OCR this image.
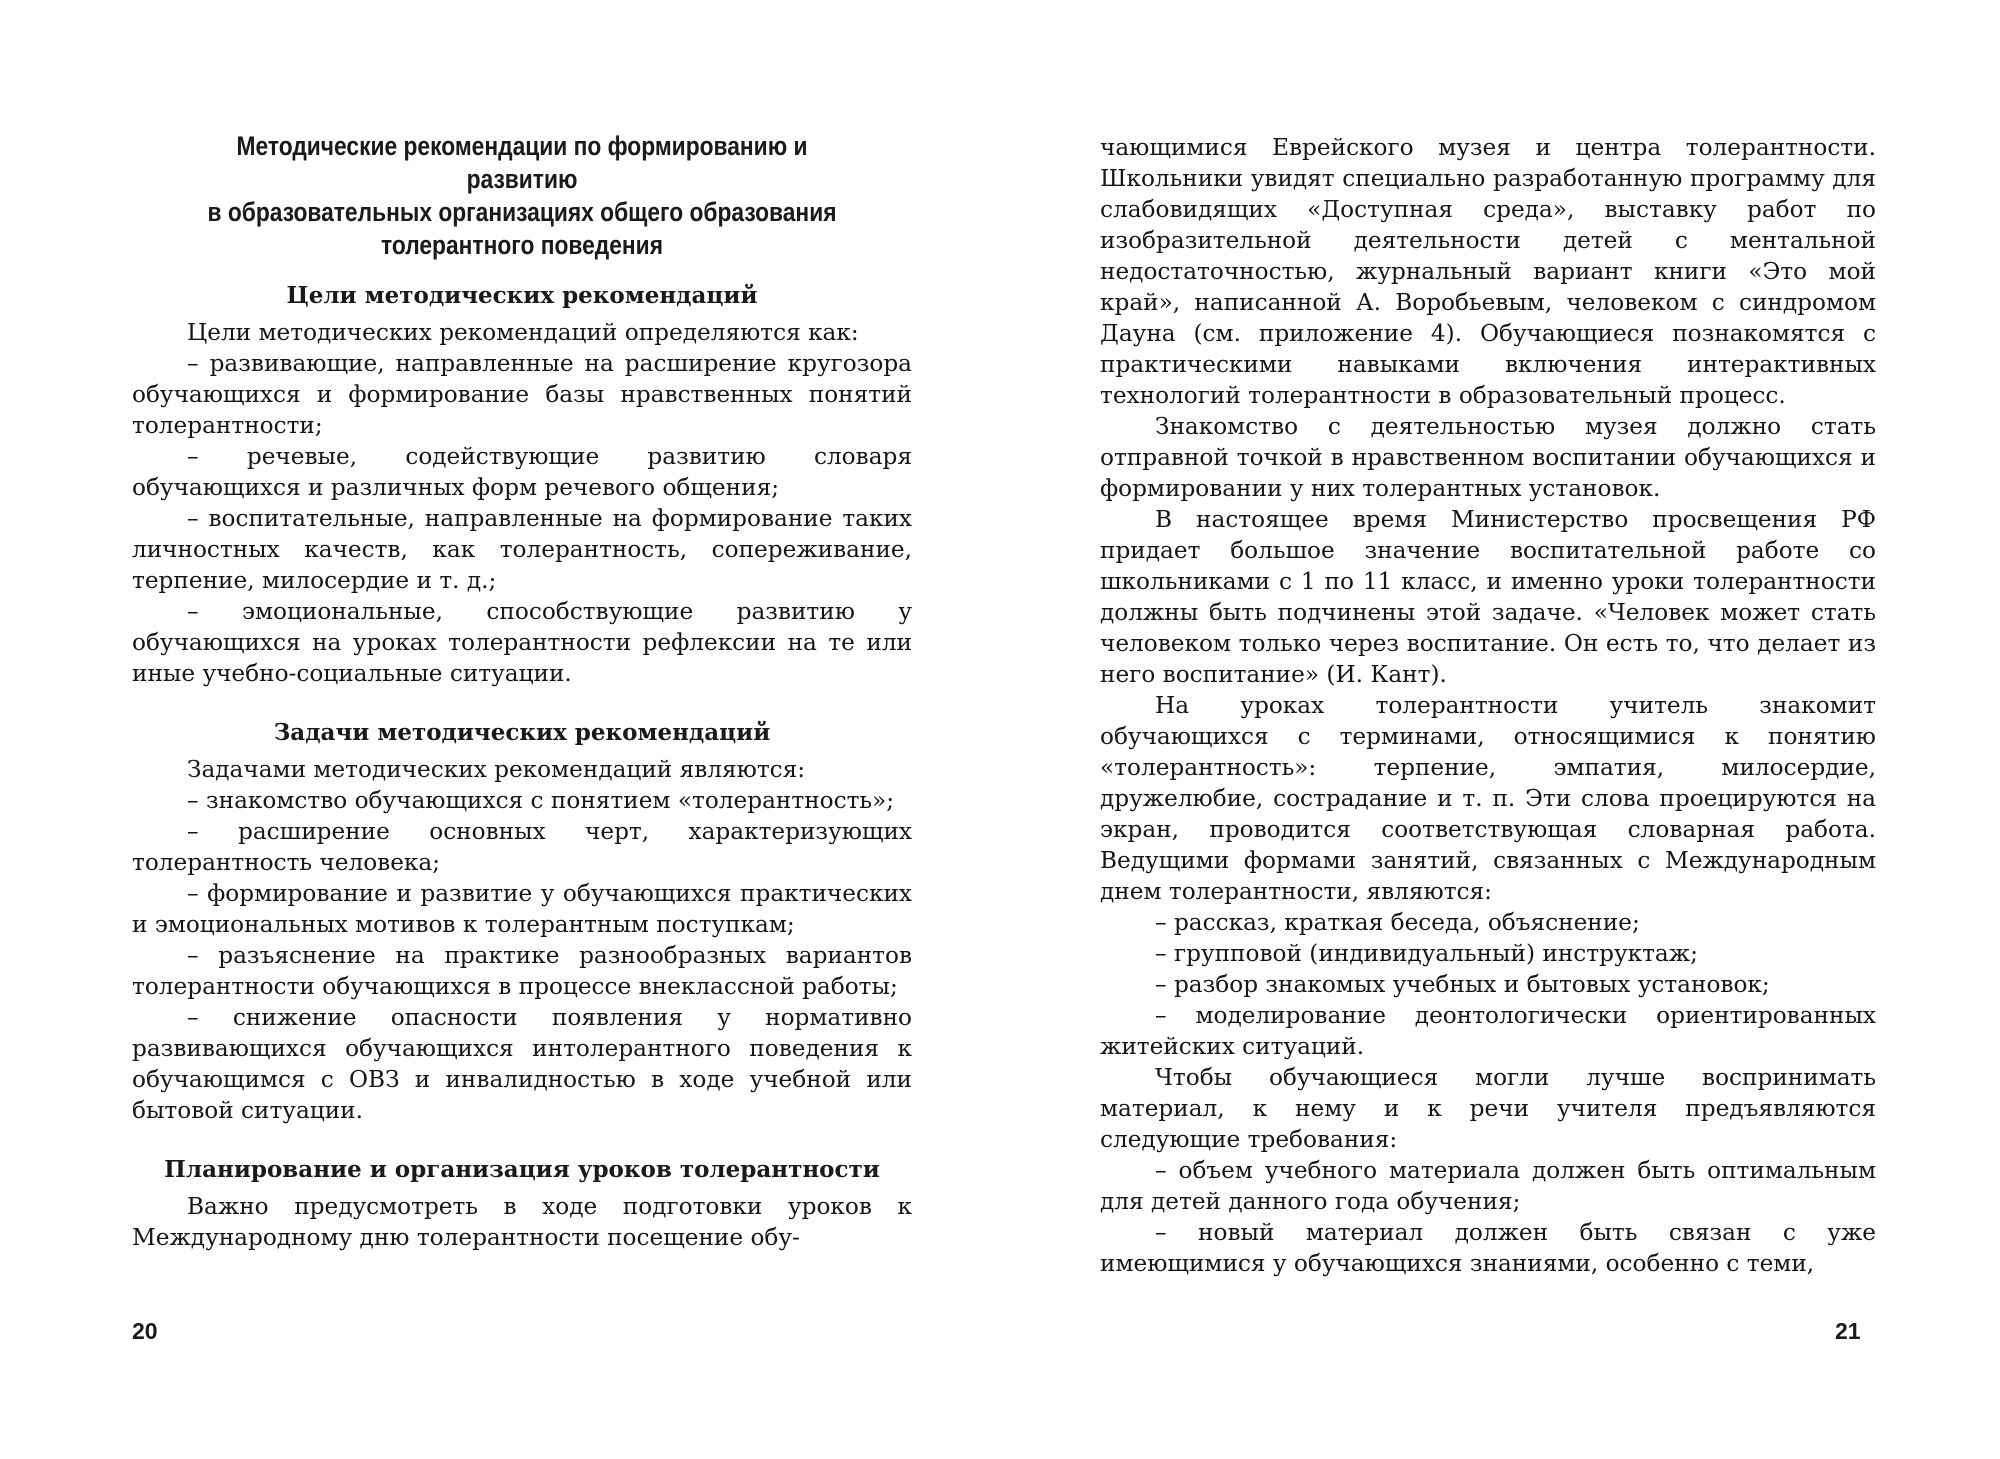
Методические рекомендации по формированию и развитию
в образовательных организациях общего образования
толерантного поведения
Цели методических рекомендаций

Цели методических рекомендаций определяются как:

– развивающие, направленные на расширение кругозора обучающихся и формирование базы нравственных понятий толерантности;

– речевые, содействующие развитию словаря обучающихся и различных форм речевого общения;

– воспитательные, направленные на формирование таких личностных качеств, как толерантность, сопереживание, терпение, милосердие и т. д.;

– эмоциональные, способствующие развитию у обучающихся на уроках толерантности рефлексии на те или иные учебно-социальные ситуации.

Задачи методических рекомендаций

Задачами методических рекомендаций являются:

– знакомство обучающихся с понятием «толерантность»;

– расширение основных черт, характеризующих толерантность человека;

– формирование и развитие у обучающихся практических и эмоциональных мотивов к толерантным поступкам;

– разъяснение на практике разнообразных вариантов толерантности обучающихся в процессе внеклассной работы;

– снижение опасности появления у нормативно развивающихся обучающихся интолерантного поведения к обучающимся с ОВЗ и инвалидностью в ходе учебной или бытовой ситуации.

Планирование и организация уроков толерантности

Важно предусмотреть в ходе подготовки уроков к Международному дню толерантности посещение обу-

20

чающимися Еврейского музея и центра толерантности. Школьники увидят специально разработанную программу для слабовидящих «Доступная среда», выставку работ по изобразительной деятельности детей с ментальной недостаточностью, журнальный вариант книги «Это мой край», написанной А. Воробьевым, человеком с синдромом Дауна (см. приложение 4). Обучающиеся познакомятся с практическими навыками включения интерактивных технологий толерантности в образовательный процесс.

Знакомство с деятельностью музея должно стать отправной точкой в нравственном воспитании обучающихся и формировании у них толерантных установок.

В настоящее время Министерство просвещения РФ придает большое значение воспитательной работе со школьниками с 1 по 11 класс, и именно уроки толерантности должны быть подчинены этой задаче. «Человек может стать человеком только через воспитание. Он есть то, что делает из него воспитание» (И. Кант).

На уроках толерантности учитель знакомит обучающихся с терминами, относящимися к понятию «толерантность»: терпение, эмпатия, милосердие, дружелюбие, сострадание и т. п. Эти слова проецируются на экран, проводится соответствующая словарная работа. Ведущими формами занятий, связанных с Международным днем толерантности, являются:

– рассказ, краткая беседа, объяснение;

– групповой (индивидуальный) инструктаж;

– разбор знакомых учебных и бытовых установок;

– моделирование деонтологически ориентированных житейских ситуаций.

Чтобы обучающиеся могли лучше воспринимать материал, к нему и к речи учителя предъявляются следующие требования:

– объем учебного материала должен быть оптимальным для детей данного года обучения;

– новый материал должен быть связан с уже имеющимися у обучающихся знаниями, особенно с теми,

21
